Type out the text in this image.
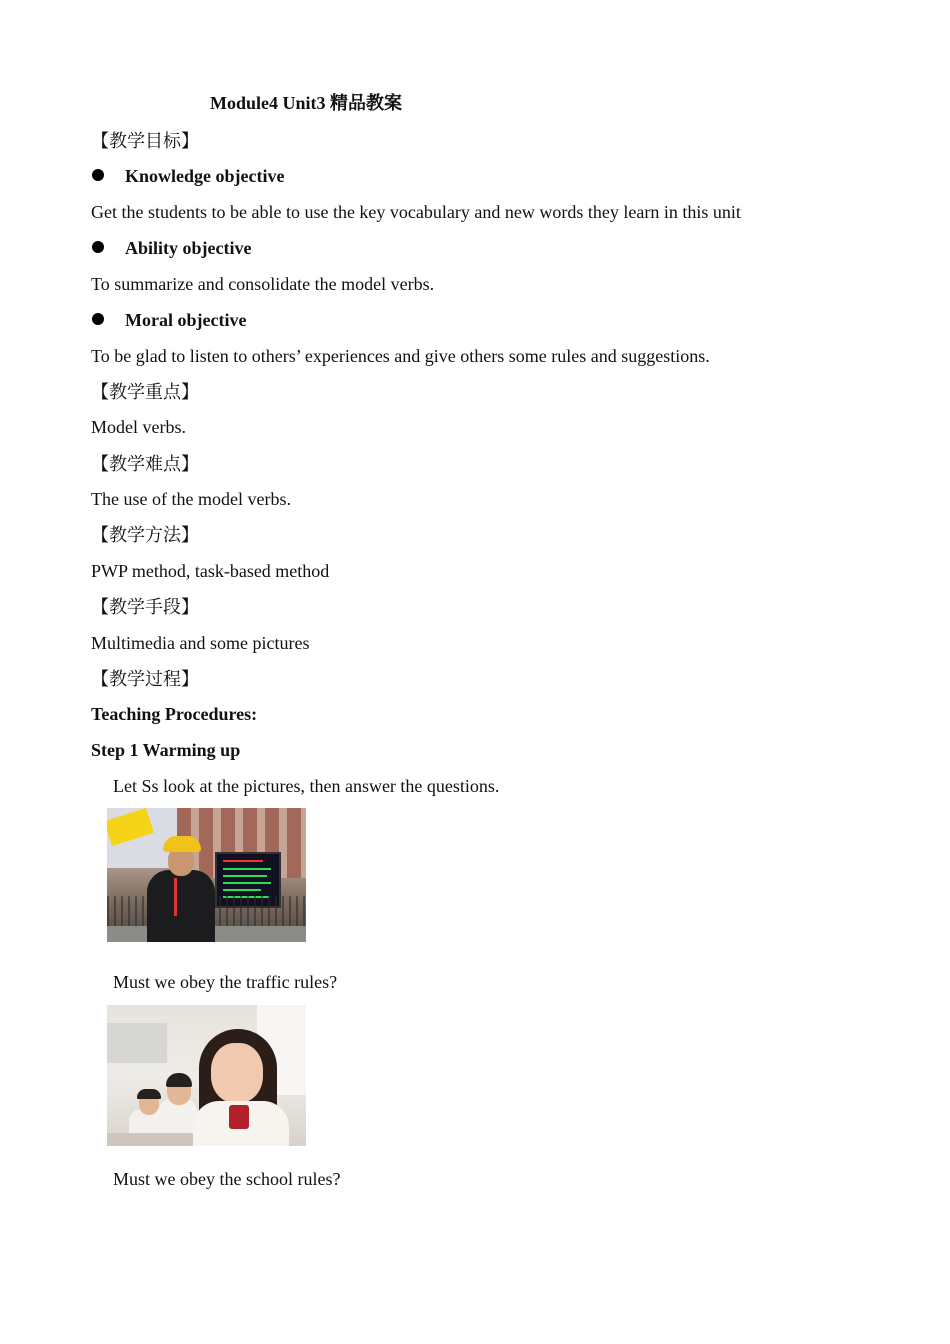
Module4 Unit3 精品教案
【教学目标】
Knowledge objective
Get the students to be able to use the key vocabulary and new words they learn in this unit
Ability objective
To summarize and consolidate the model verbs.
Moral objective
To be glad to listen to others’ experiences and give others some rules and suggestions.
【教学重点】
Model verbs.
【教学难点】
The use of the model verbs.
【教学方法】
PWP method, task-based method
【教学手段】
Multimedia and some pictures
【教学过程】
Teaching Procedures:
Step 1 Warming up
Let Ss look at the pictures, then answer the questions.
Must we obey the traffic rules?
Must we obey the school rules?
